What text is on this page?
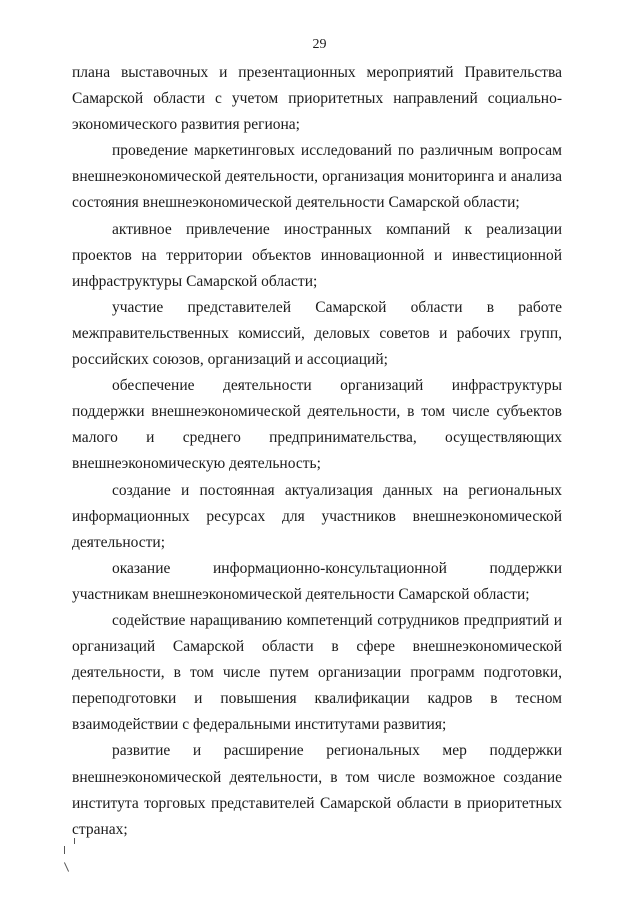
29

плана выставочных и презентационных мероприятий Правительства Самарской области с учетом приоритетных направлений социально-экономического развития региона;

проведение маркетинговых исследований по различным вопросам внешнеэкономической деятельности, организация мониторинга и анализа состояния внешнеэкономической деятельности Самарской области;

активное привлечение иностранных компаний к реализации проектов на территории объектов инновационной и инвестиционной инфраструктуры Самарской области;

участие представителей Самарской области в работе межправительственных комиссий, деловых советов и рабочих групп, российских союзов, организаций и ассоциаций;

обеспечение деятельности организаций инфраструктуры поддержки внешнеэкономической деятельности, в том числе субъектов малого и среднего предпринимательства, осуществляющих внешнеэкономическую деятельность;

создание и постоянная актуализация данных на региональных информационных ресурсах для участников внешнеэкономической деятельности;

оказание информационно-консультационной поддержки участникам внешнеэкономической деятельности Самарской области;

содействие наращиванию компетенций сотрудников предприятий и организаций Самарской области в сфере внешнеэкономической деятельности, в том числе путем организации программ подготовки, переподготовки и повышения квалификации кадров в тесном взаимодействии с федеральными институтами развития;

развитие и расширение региональных мер поддержки внешнеэкономической деятельности, в том числе возможное создание института торговых представителей Самарской области в приоритетных странах;
